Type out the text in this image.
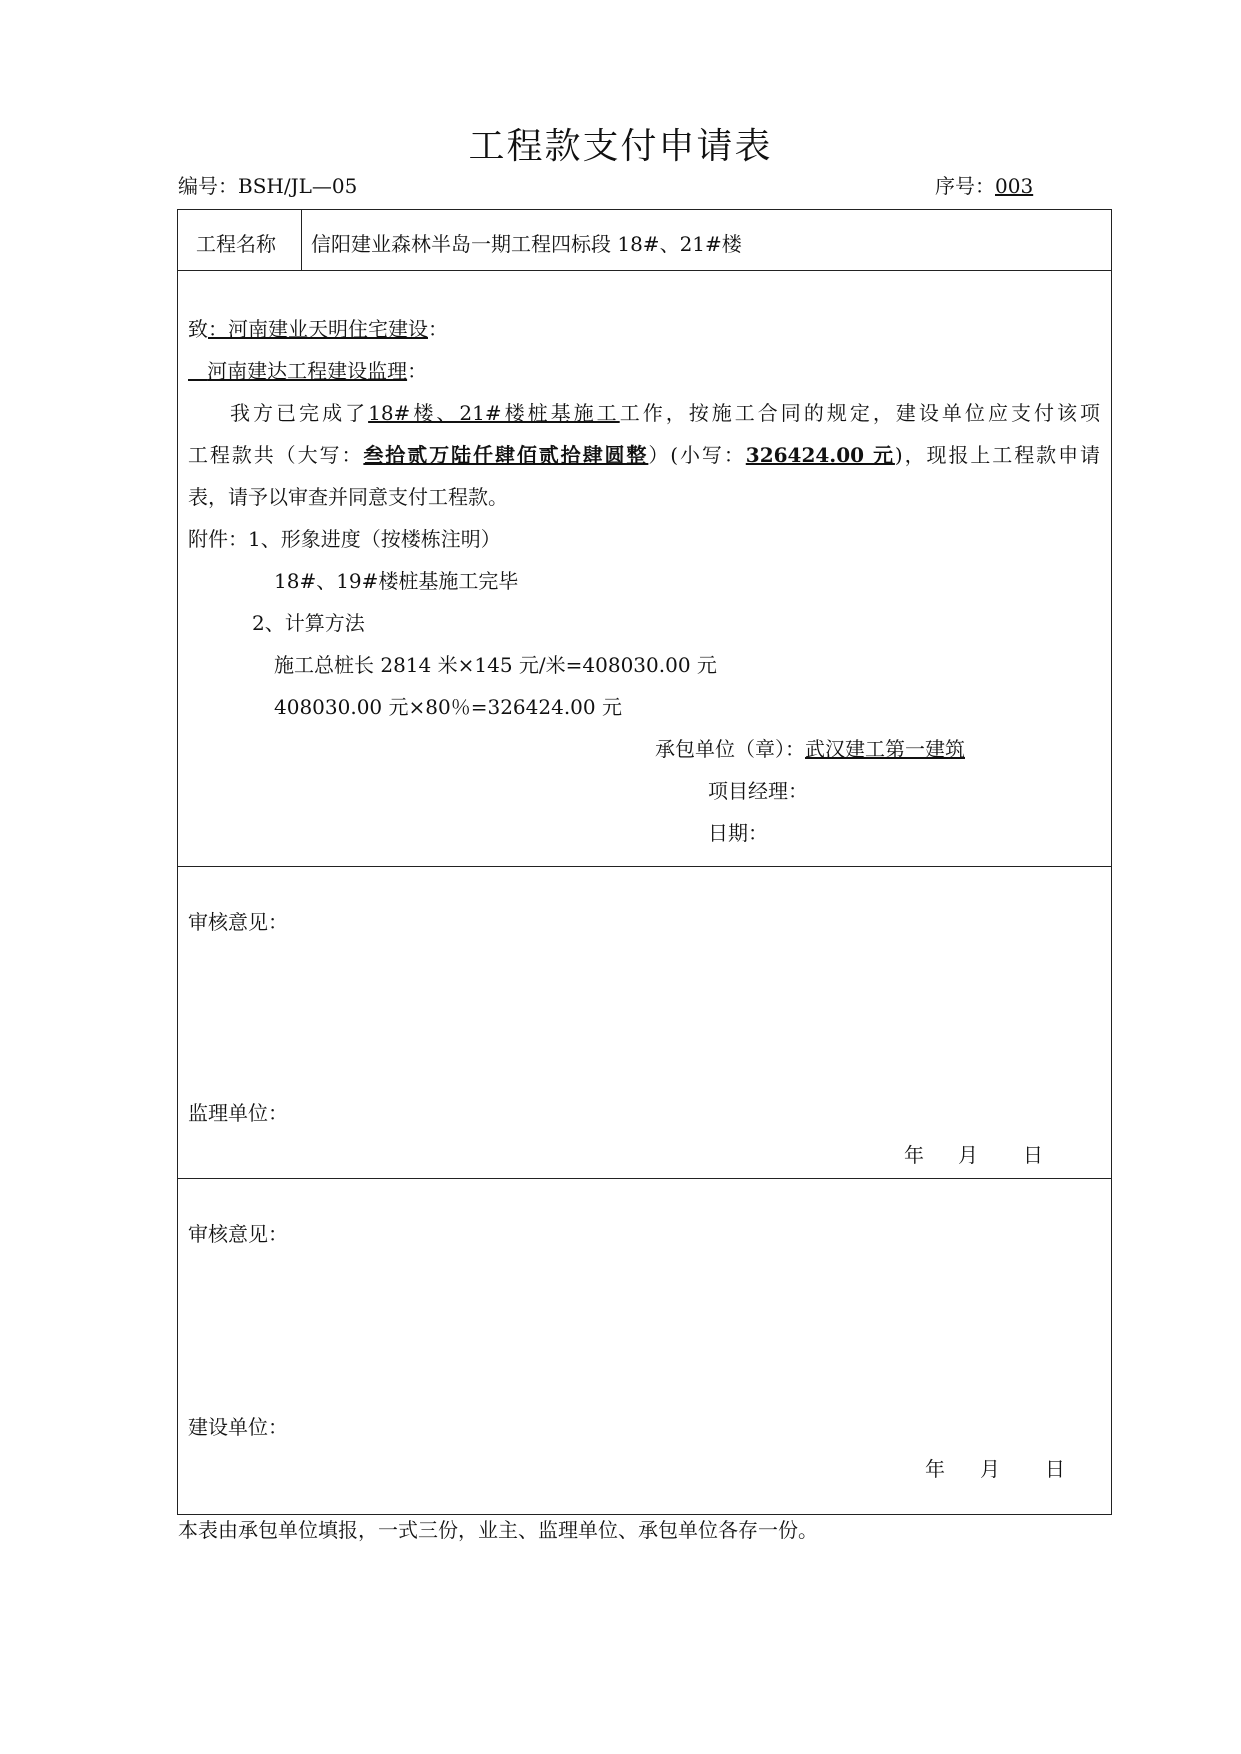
工程款支付申请表
编号：BSH/JL—05	序号：003
工程名称 信阳建业森林半岛一期工程四标段 18#、21#楼
致：河南建业天明住宅建设：
河南建达工程建设监理：
我方已完成了18#楼、21#楼桩基施工工作，按施工合同的规定，建设单位应支付该项
工程款共（大写：叁拾贰万陆仟肆佰贰拾肆圆整）(小写：326424.00 元)，现报上工程款申请
表，请予以审查并同意支付工程款。
附件：1、形象进度（按楼栋注明）
18#、19#楼桩基施工完毕
2、计算方法
施工总桩长 2814 米×145 元/米=408030.00 元
408030.00 元×80％=326424.00 元
承包单位（章）：武汉建工第一建筑
项目经理：
日期：
审核意见：
监理单位：
年 月 日
审核意见：
建设单位：
年 月 日
本表由承包单位填报，一式三份，业主、监理单位、承包单位各存一份。
